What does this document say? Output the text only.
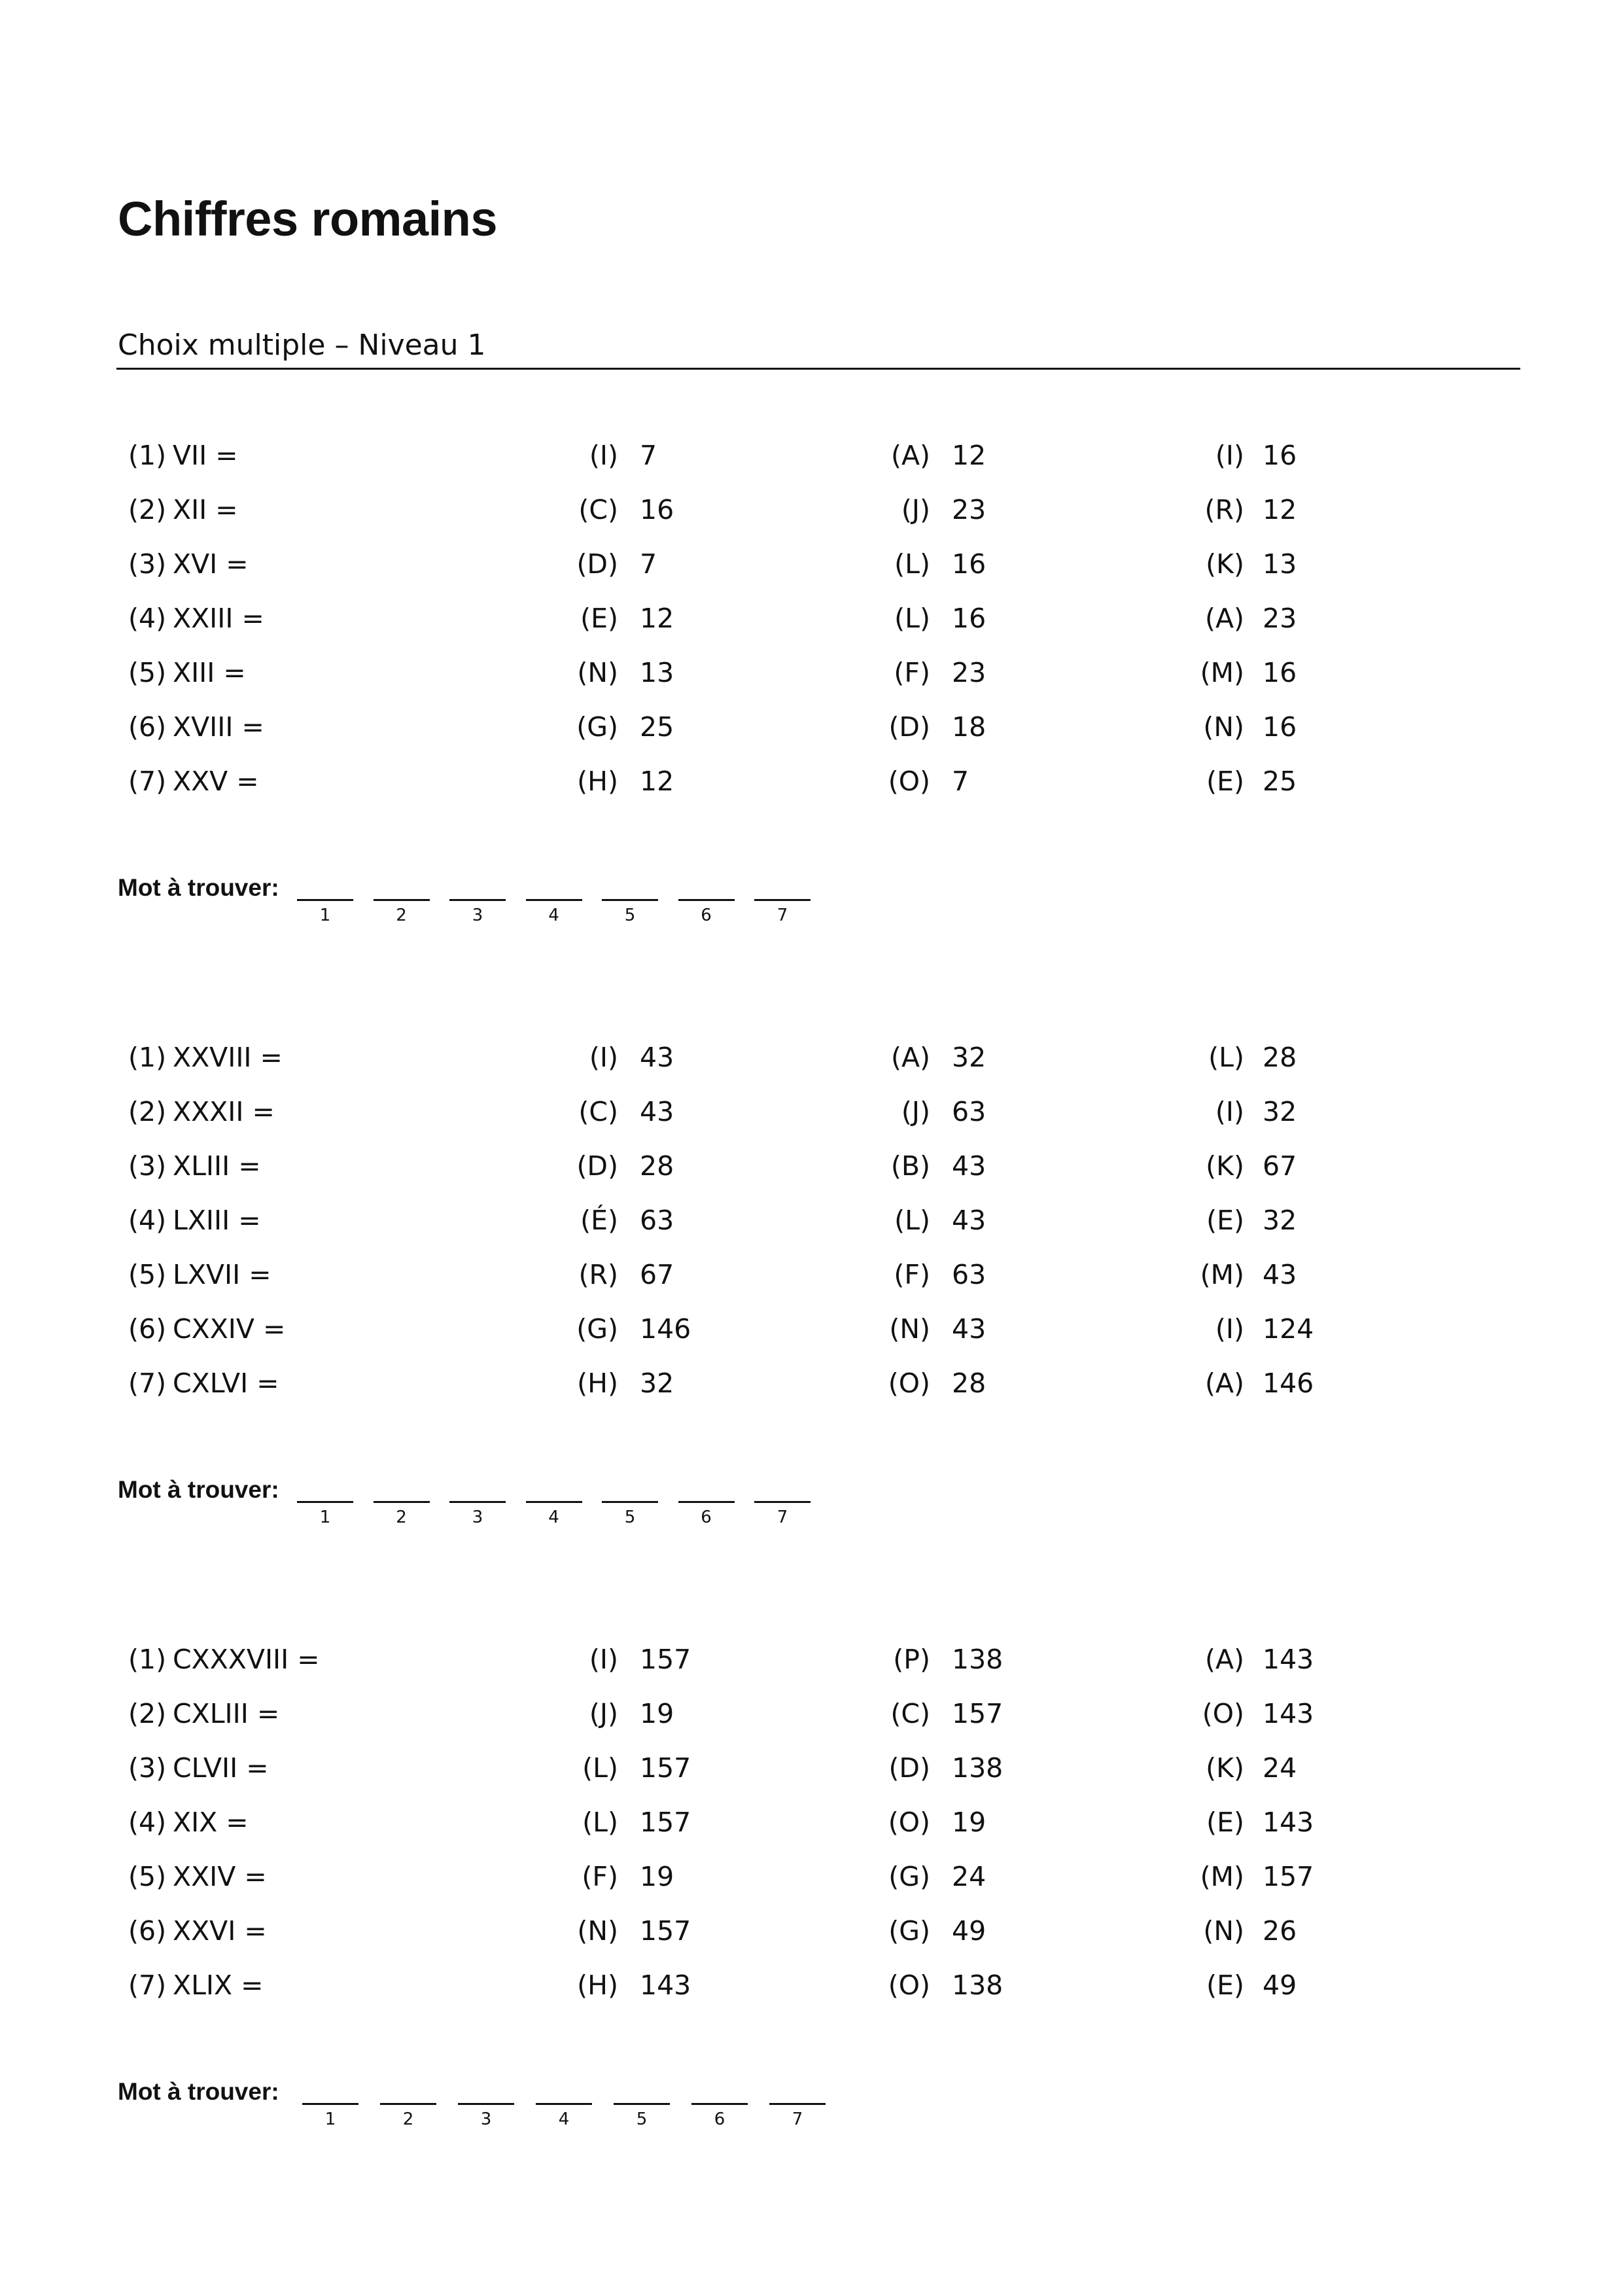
Chiffres romains
Choix multiple – Niveau 1
(1) VII =	(I) 7	(A) 12	(I) 16
(2) XII =	(C) 16	(J) 23	(R) 12
(3) XVI =	(D) 7	(L) 16	(K) 13
(4) XXIII =	(E) 12	(L) 16	(A) 23
(5) XIII =	(N) 13	(F) 23	(M) 16
(6) XVIII =	(G) 25	(D) 18	(N) 16
(7) XXV =	(H) 12	(O) 7	(E) 25
Mot à trouver:
1	2	3	4	5	6	7
(1) XXVIII =	(I) 43	(A) 32	(L) 28
(2) XXXII =	(C) 43	(J) 63	(I) 32
(3) XLIII =	(D) 28	(B) 43	(K) 67
(4) LXIII =	(É) 63	(L) 43	(E) 32
(5) LXVII =	(R) 67	(F) 63	(M) 43
(6) CXXIV =	(G) 146	(N) 43	(I) 124
(7) CXLVI =	(H) 32	(O) 28	(A) 146
Mot à trouver:
1	2	3	4	5	6	7
(1) CXXXVIII =	(I) 157	(P) 138	(A) 143
(2) CXLIII =	(J) 19	(C) 157	(O) 143
(3) CLVII =	(L) 157	(D) 138	(K) 24
(4) XIX =	(L) 157	(O) 19	(E) 143
(5) XXIV =	(F) 19	(G) 24	(M) 157
(6) XXVI =	(N) 157	(G) 49	(N) 26
(7) XLIX =	(H) 143	(O) 138	(E) 49
Mot à trouver:
1	2	3	4	5	6	7
